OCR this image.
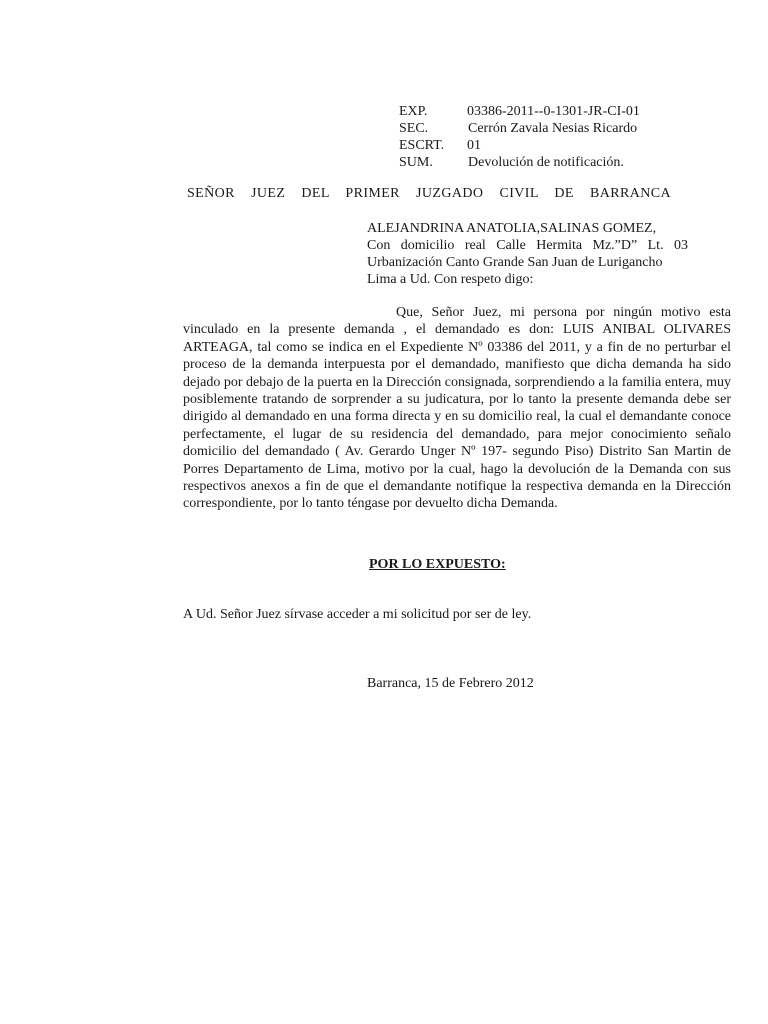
EXP.	03386-2011--0-1301-JR-CI-01
SEC.	Cerrón Zavala Nesias Ricardo
ESCRT. 01
SUM.	Devolución de notificación.
SEÑOR JUEZ DEL PRIMER JUZGADO CIVIL DE BARRANCA
ALEJANDRINA ANATOLIA,SALINAS GOMEZ,
Con domicilio real Calle Hermita Mz.”D” Lt. 03
Urbanización Canto Grande San Juan de Lurigancho
Lima a Ud. Con respeto digo:
Que, Señor Juez, mi persona por ningún motivo esta vinculado en la presente demanda , el demandado es don: LUIS ANIBAL OLIVARES ARTEAGA, tal como se indica en el Expediente Nº 03386 del 2011, y a fin de no perturbar el proceso de la demanda interpuesta por el demandado, manifiesto que dicha demanda ha sido dejado por debajo de la puerta en la Dirección consignada, sorprendiendo a la familia entera, muy posiblemente tratando de sorprender a su judicatura, por lo tanto la presente demanda debe ser dirigido al demandado en una forma directa y en su domicilio real, la cual el demandante conoce perfectamente, el lugar de su residencia del demandado, para mejor conocimiento señalo domicilio del demandado ( Av. Gerardo Unger Nº 197- segundo Piso) Distrito San Martin de Porres Departamento de Lima, motivo por la cual, hago la devolución de la Demanda con sus respectivos anexos a fin de que el demandante notifique la respectiva demanda en la Dirección correspondiente, por lo tanto téngase por devuelto dicha Demanda.
POR LO EXPUESTO:
A Ud. Señor Juez sírvase acceder a mi solicitud por ser de ley.
Barranca, 15 de Febrero 2012
